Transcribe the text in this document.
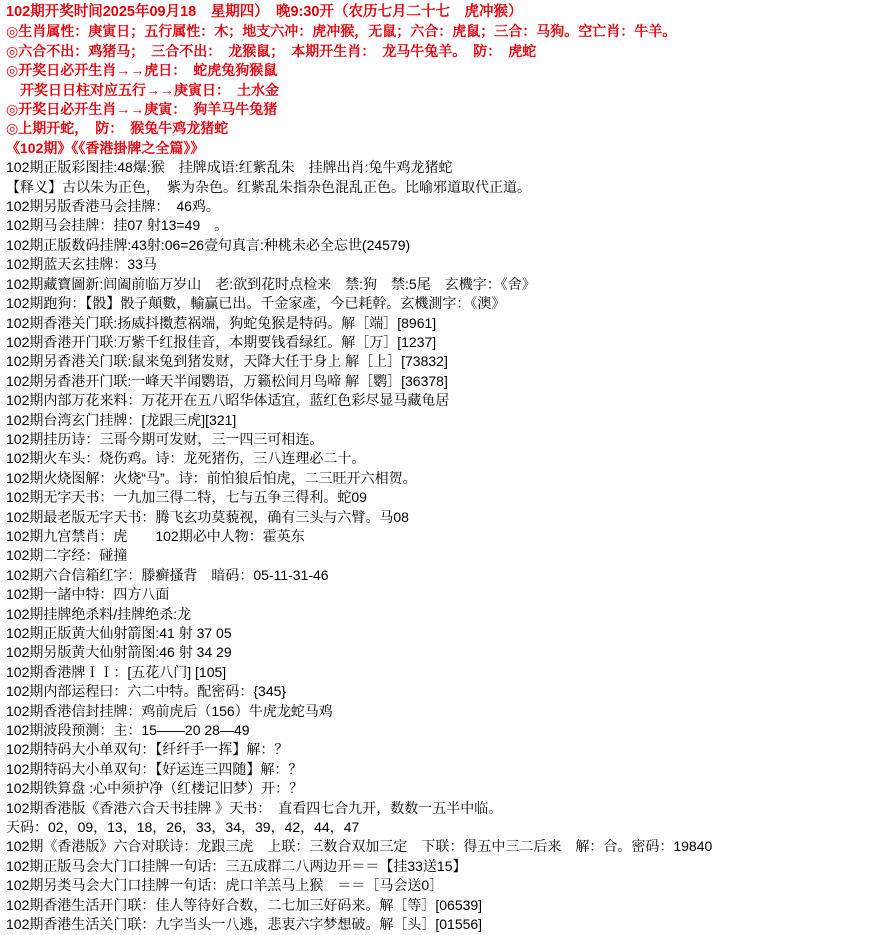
102期开奖时间2025年09月18　星期四）　晚9:30开（农历七月二十七　虎冲猴）
◎生肖属性：庚寅日；五行属性：木；地支六冲：虎冲猴，无鼠；六合：虎鼠；三合：马狗。空亡肖：牛羊。
◎六合不出：鸡猪马；　三合不出：　龙猴鼠；　本期开生肖：　龙马牛兔羊。　防：　虎蛇
◎开奖日必开生肖→→虎日：　蛇虎兔狗猴鼠
　开奖日日柱对应五行→→庚寅日：　土水金
◎开奖日必开生肖→→庚寅：　狗羊马牛兔猪
◎上期开蛇，　防：　猴兔牛鸡龙猪蛇
《102期》《《香港掛牌之全篇》》
102期正版彩图挂:48爆:猴　挂牌成语:红紫乱朱　挂牌出肖:兔牛鸡龙猪蛇
【释义】古以朱为正色，　紫为杂色。红紫乱朱指杂色混乱正色。比喻邪道取代正道。
102期另版香港马会挂牌：　46鸡。
102期马会挂牌：挂07 射13=49　。
102期正版数码挂牌:43射:06=26壹句真言:种桃未必全忘世(24579)
102期蓝天玄挂牌：33马
102期藏寶圖新:闾阖前临万岁山　老:欲到花时点检来　禁:狗　禁:5尾　玄機字：《舍》
102期跑狗：【骰】骰子顛數，輸贏已出。千金家產，今已耗幹。玄機測字：《澳》
102期香港关门联:扬威抖擞惹祸端，狗蛇兔猴是特码。解［端］[8961]
102期香港开门联:万紫千红报佳音，本期要钱看绿红。解［万］[1237]
102期另香港关门联:鼠来兔到猪发财，天降大任于身上 解［上］[73832]
102期另香港开门联:一峰天半闻鹦语，万籁松间月鸟啼 解［鹦］[36378]
102期内部万花来料：万花开在五八昭华体适宜，蓝红色彩尽显马藏龟居
102期台湾玄门挂牌：[龙跟三虎][321]
102期挂历诗：三哥今期可发财，三一四三可相连。
102期火车头：烧伤鸡。诗：龙死猪伤，三八连理必二十。
102期火烧图解：火烧“马”。诗：前怕狼后怕虎，二三旺开六相贺。
102期无字天书：一九加三得二特，七与五争三得利。蛇09
102期最老版无字天书：腾飞玄功莫藐视，确有三头与六臂。马08
102期九宫禁肖：虎　　102期必中人物：霍英东
102期二字经：碰撞
102期六合信箱红字：滕癣搔背　暗码：05-11-31-46
102期一諸中特：四方八面
102期挂牌绝杀料/挂牌绝杀:龙
102期正版黄大仙射箭图:41 射 37 05
102期另版黄大仙射箭图:46 射 34 29
102期香港牌ＩＩ：[五花八门] [105]
102期内部运程曰：六二中特。配密码：{345}
102期香港信封挂牌：鸡前虎后（156）牛虎龙蛇马鸡
102期波段预测：主：15——20 28—49
102期特码大小单双句：【纤纤手一挥】解：？
102期特码大小单双句：【好运连三四随】解：？
102期铁算盘 :心中须护净（红楼记旧梦）开：？
102期香港版《香港六合天书挂牌 》天书：　直看四七合九开，数数一五半中临。
天码：02，09，13，18，26，33，34，39，42，44，47
102期《香港版》六合对联诗：龙跟三虎　上联：三数合双加三定　下联：得五中三二后来　解：合。密码：19840
102期正版马会大门口挂牌一句话：三五成群二八两边开＝＝【挂33送15】
102期另类马会大门口挂牌一句话：虎口羊羔马上猴　＝＝［马会送0］
102期香港生活开门联：佳人等待好合数，二七加三好码来。解［等］[06539]
102期香港生活关门联：九字当头一八逃，悲衷六字梦想破。解［头］[01556]
